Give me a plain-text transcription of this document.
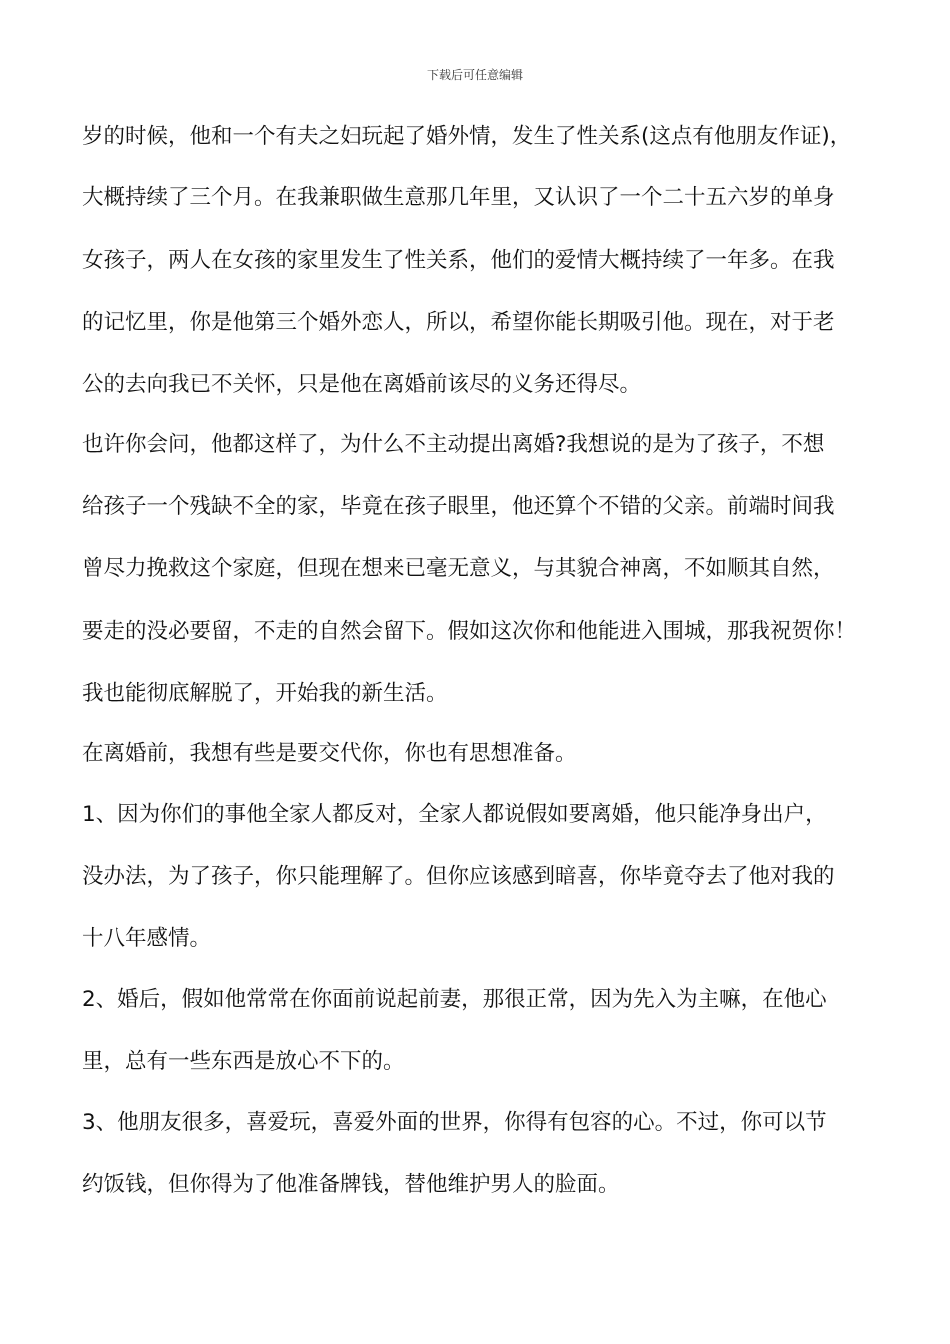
下载后可任意编辑
岁的时候，他和一个有夫之妇玩起了婚外情，发生了性关系(这点有他朋友作证)，
大概持续了三个月。在我兼职做生意那几年里，又认识了一个二十五六岁的单身
女孩子，两人在女孩的家里发生了性关系，他们的爱情大概持续了一年多。在我
的记忆里，你是他第三个婚外恋人，所以，希望你能长期吸引他。现在，对于老
公的去向我已不关怀，只是他在离婚前该尽的义务还得尽。
也许你会问，他都这样了，为什么不主动提出离婚?我想说的是为了孩子，不想
给孩子一个残缺不全的家，毕竟在孩子眼里，他还算个不错的父亲。前端时间我
曾尽力挽救这个家庭，但现在想来已毫无意义，与其貌合神离，不如顺其自然，
要走的没必要留，不走的自然会留下。假如这次你和他能进入围城，那我祝贺你！
我也能彻底解脱了，开始我的新生活。
在离婚前，我想有些是要交代你，你也有思想准备。
1、因为你们的事他全家人都反对，全家人都说假如要离婚，他只能净身出户，
没办法，为了孩子，你只能理解了。但你应该感到暗喜，你毕竟夺去了他对我的
十八年感情。
2、婚后，假如他常常在你面前说起前妻，那很正常，因为先入为主嘛，在他心
里，总有一些东西是放心不下的。
3、他朋友很多，喜爱玩，喜爱外面的世界，你得有包容的心。不过，你可以节
约饭钱，但你得为了他准备牌钱，替他维护男人的脸面。
